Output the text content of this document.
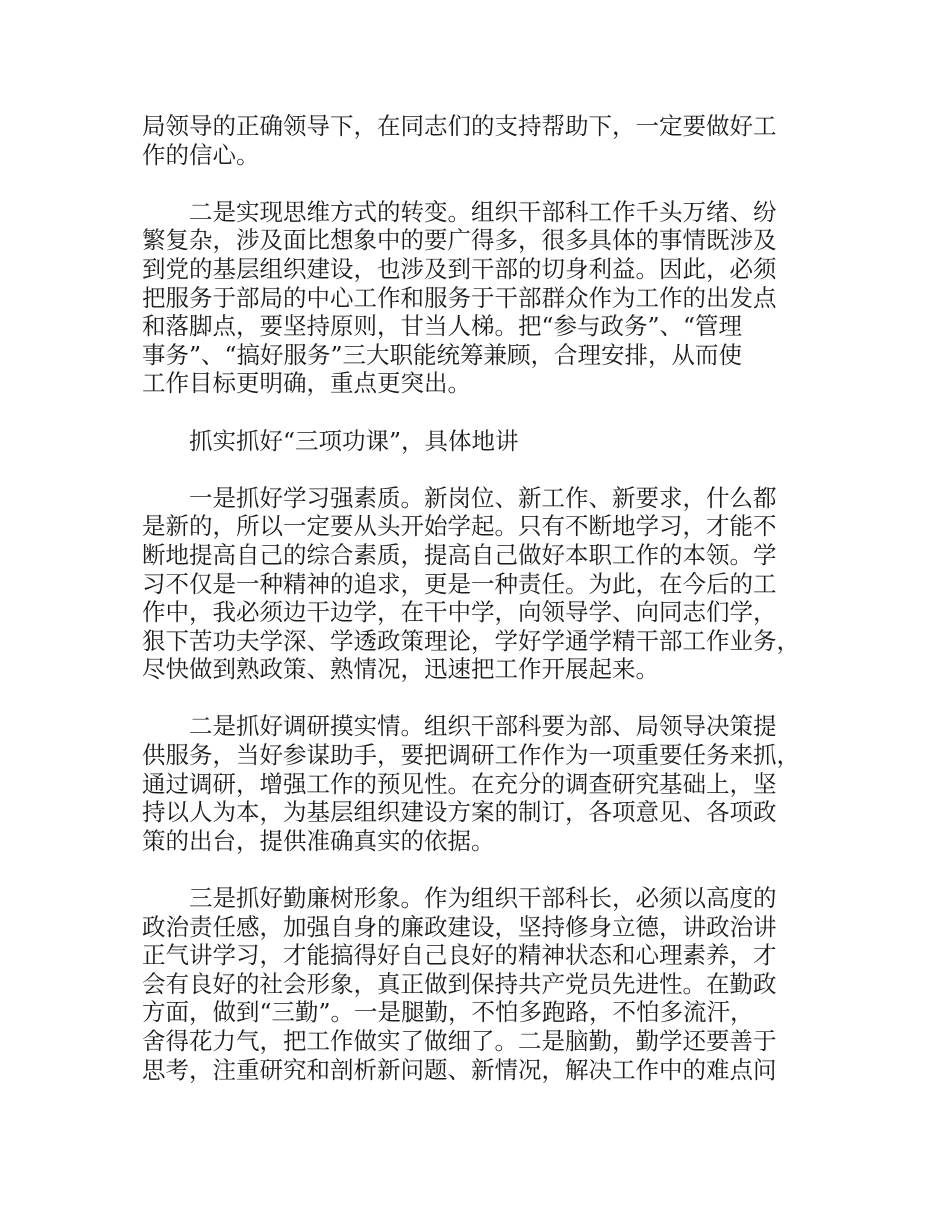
局领导的正确领导下，在同志们的支持帮助下，一定要做好工
作的信心。

　　二是实现思维方式的转变。组织干部科工作千头万绪、纷
繁复杂，涉及面比想象中的要广得多，很多具体的事情既涉及
到党的基层组织建设，也涉及到干部的切身利益。因此，必须
把服务于部局的中心工作和服务于干部群众作为工作的出发点
和落脚点，要坚持原则，甘当人梯。把“参与政务”、“管理
事务”、“搞好服务”三大职能统筹兼顾，合理安排，从而使
工作目标更明确，重点更突出。

　　抓实抓好“三项功课”，具体地讲

　　一是抓好学习强素质。新岗位、新工作、新要求，什么都
是新的，所以一定要从头开始学起。只有不断地学习，才能不
断地提高自己的综合素质，提高自己做好本职工作的本领。学
习不仅是一种精神的追求，更是一种责任。为此，在今后的工
作中，我必须边干边学，在干中学，向领导学、向同志们学，
狠下苦功夫学深、学透政策理论，学好学通学精干部工作业务，
尽快做到熟政策、熟情况，迅速把工作开展起来。

　　二是抓好调研摸实情。组织干部科要为部、局领导决策提
供服务，当好参谋助手，要把调研工作作为一项重要任务来抓，
通过调研，增强工作的预见性。在充分的调查研究基础上，坚
持以人为本，为基层组织建设方案的制订，各项意见、各项政
策的出台，提供准确真实的依据。

　　三是抓好勤廉树形象。作为组织干部科长，必须以高度的
政治责任感，加强自身的廉政建设，坚持修身立德，讲政治讲
正气讲学习，才能搞得好自己良好的精神状态和心理素养，才
会有良好的社会形象，真正做到保持共产党员先进性。在勤政
方面，做到“三勤”。一是腿勤，不怕多跑路，不怕多流汗，
舍得花力气，把工作做实了做细了。二是脑勤，勤学还要善于
思考，注重研究和剖析新问题、新情况，解决工作中的难点问
